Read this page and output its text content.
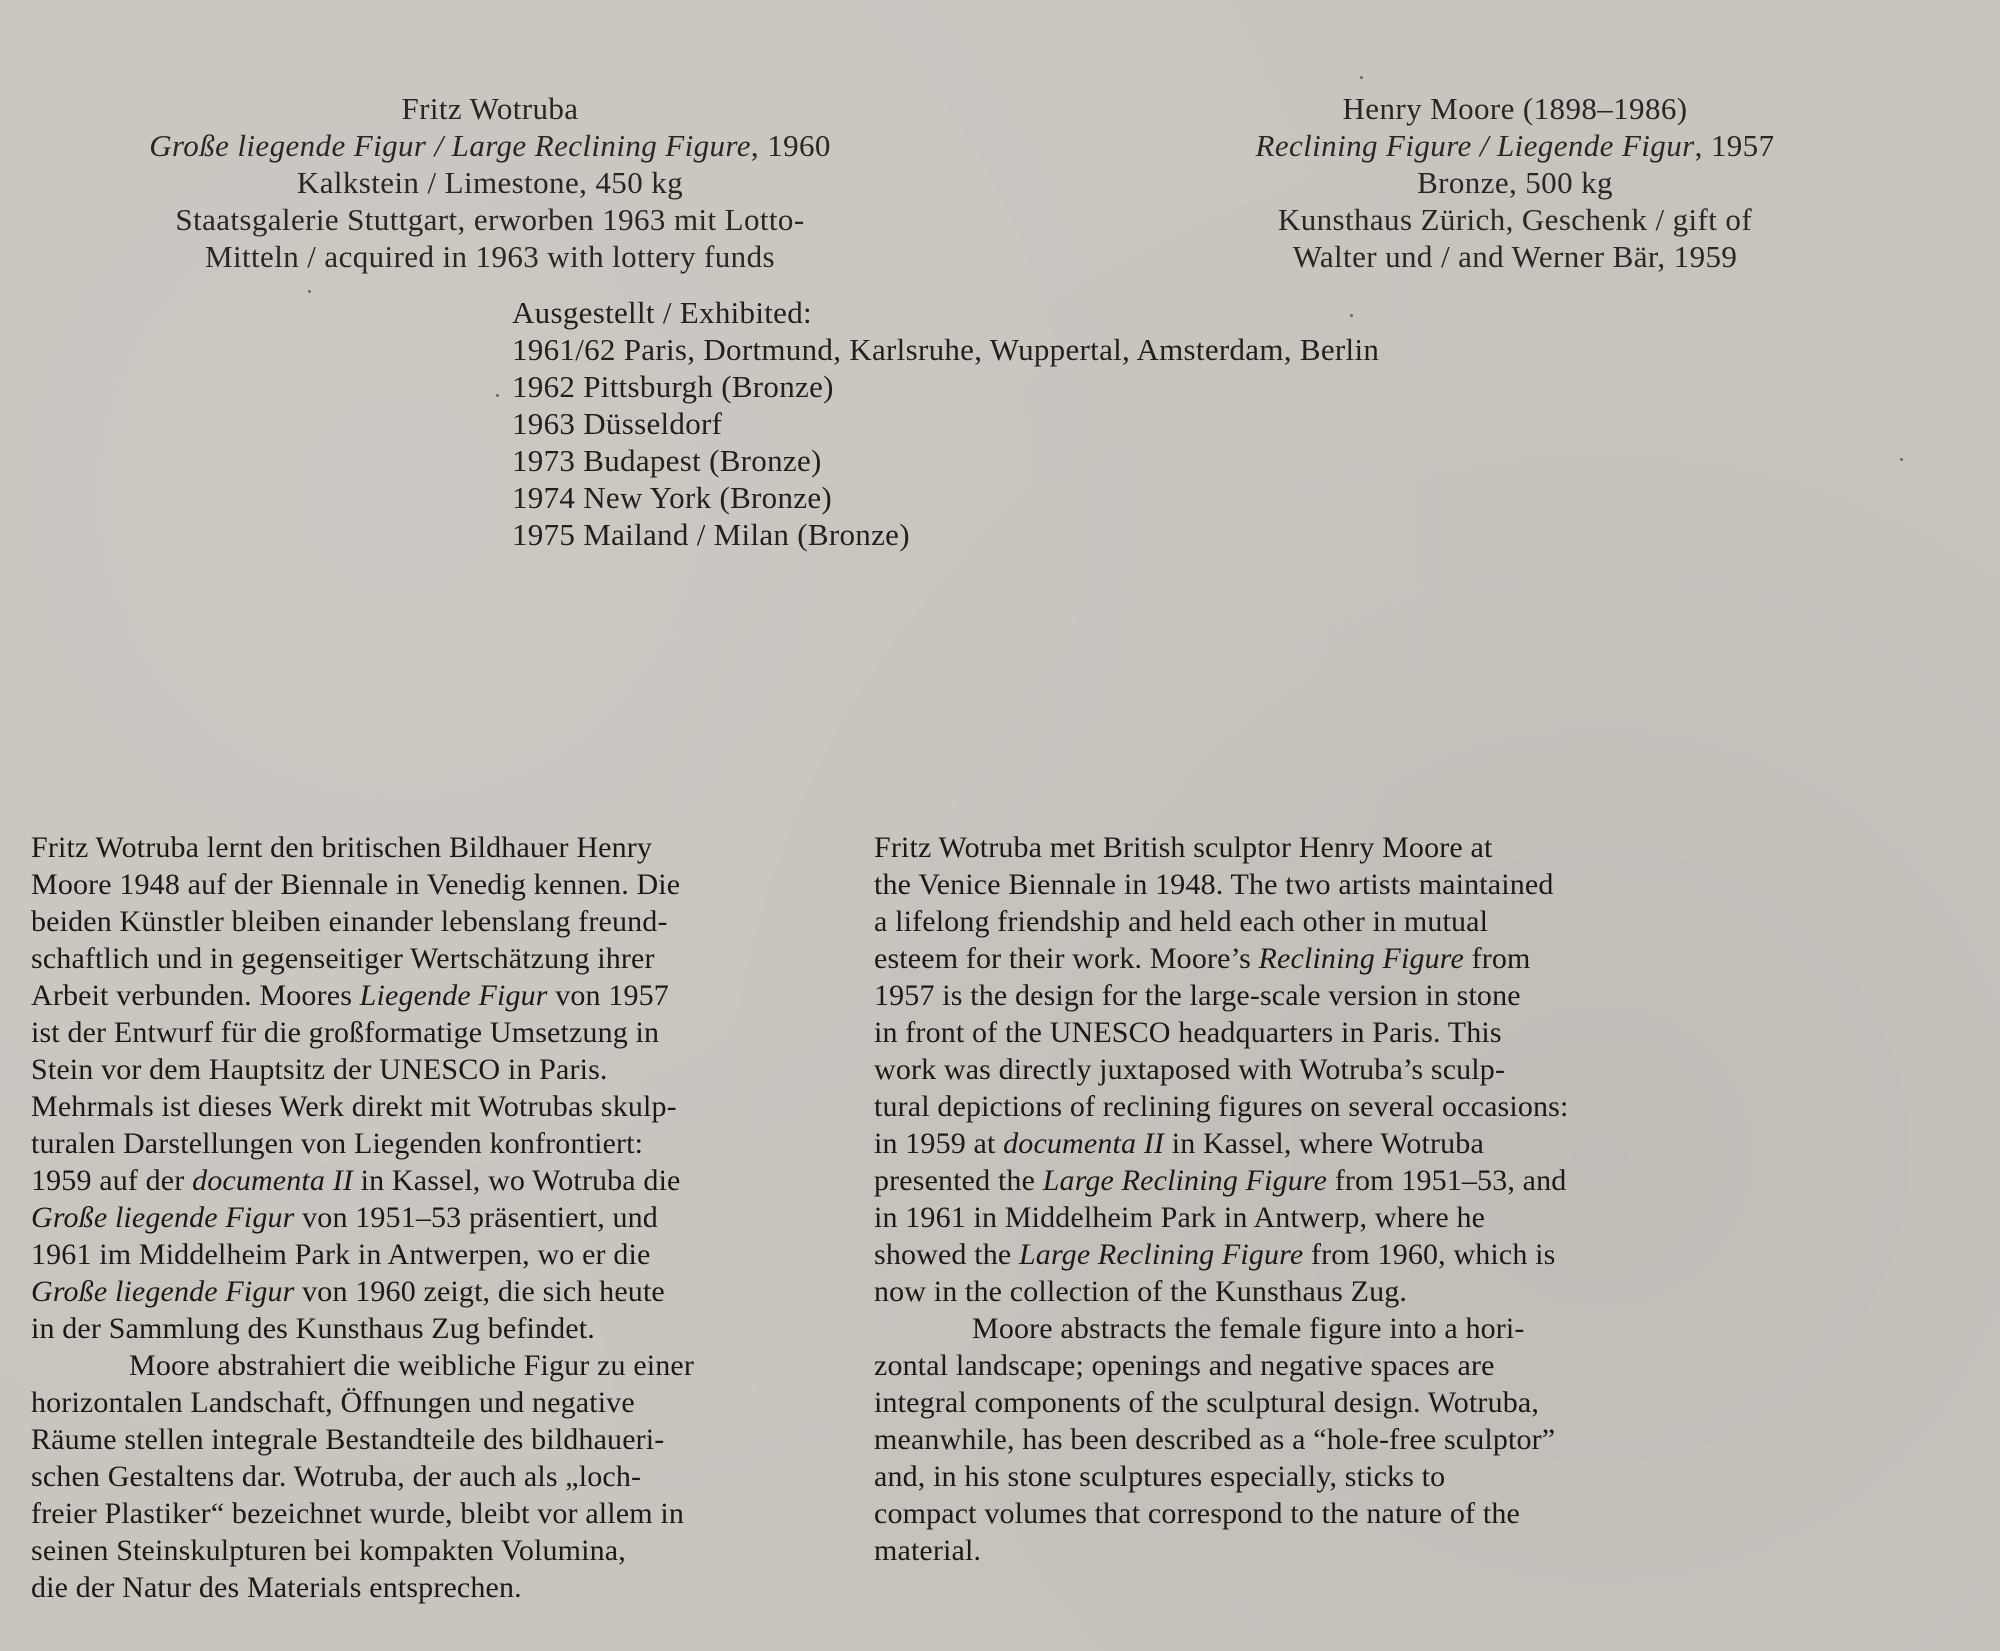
Fritz Wotruba
Große liegende Figur / Large Reclining Figure, 1960
Kalkstein / Limestone, 450 kg
Staatsgalerie Stuttgart, erworben 1963 mit Lotto-
Mitteln / acquired in 1963 with lottery funds
Henry Moore (1898–1986)
Reclining Figure / Liegende Figur, 1957
Bronze, 500 kg
Kunsthaus Zürich, Geschenk / gift of
Walter und / and Werner Bär, 1959
Ausgestellt / Exhibited:
1961/62 Paris, Dortmund, Karlsruhe, Wuppertal, Amsterdam, Berlin
1962 Pittsburgh (Bronze)
1963 Düsseldorf
1973 Budapest (Bronze)
1974 New York (Bronze)
1975 Mailand / Milan (Bronze)

Fritz Wotruba lernt den britischen Bildhauer Henry
Moore 1948 auf der Biennale in Venedig kennen. Die
beiden Künstler bleiben einander lebenslang freund-
schaftlich und in gegenseitiger Wertschätzung ihrer
Arbeit verbunden. Moores Liegende Figur von 1957
ist der Entwurf für die großformatige Umsetzung in
Stein vor dem Hauptsitz der UNESCO in Paris.
Mehrmals ist dieses Werk direkt mit Wotrubas skulp-
turalen Darstellungen von Liegenden konfrontiert:
1959 auf der documenta II in Kassel, wo Wotruba die
Große liegende Figur von 1951–53 präsentiert, und
1961 im Middelheim Park in Antwerpen, wo er die
Große liegende Figur von 1960 zeigt, die sich heute
in der Sammlung des Kunsthaus Zug befindet.

Moore abstrahiert die weibliche Figur zu einer
horizontalen Landschaft, Öffnungen und negative
Räume stellen integrale Bestandteile des bildhaueri-
schen Gestaltens dar. Wotruba, der auch als „loch-
freier Plastiker“ bezeichnet wurde, bleibt vor allem in
seinen Steinskulpturen bei kompakten Volumina,
die der Natur des Materials entsprechen.

Fritz Wotruba met British sculptor Henry Moore at
the Venice Biennale in 1948. The two artists maintained
a lifelong friendship and held each other in mutual
esteem for their work. Moore’s Reclining Figure from
1957 is the design for the large-scale version in stone
in front of the UNESCO headquarters in Paris. This
work was directly juxtaposed with Wotruba’s sculp-
tural depictions of reclining figures on several occasions:
in 1959 at documenta II in Kassel, where Wotruba
presented the Large Reclining Figure from 1951–53, and
in 1961 in Middelheim Park in Antwerp, where he
showed the Large Reclining Figure from 1960, which is
now in the collection of the Kunsthaus Zug.

Moore abstracts the female figure into a hori-
zontal landscape; openings and negative spaces are
integral components of the sculptural design. Wotruba,
meanwhile, has been described as a “hole-free sculptor”
and, in his stone sculptures especially, sticks to
compact volumes that correspond to the nature of the
material.
